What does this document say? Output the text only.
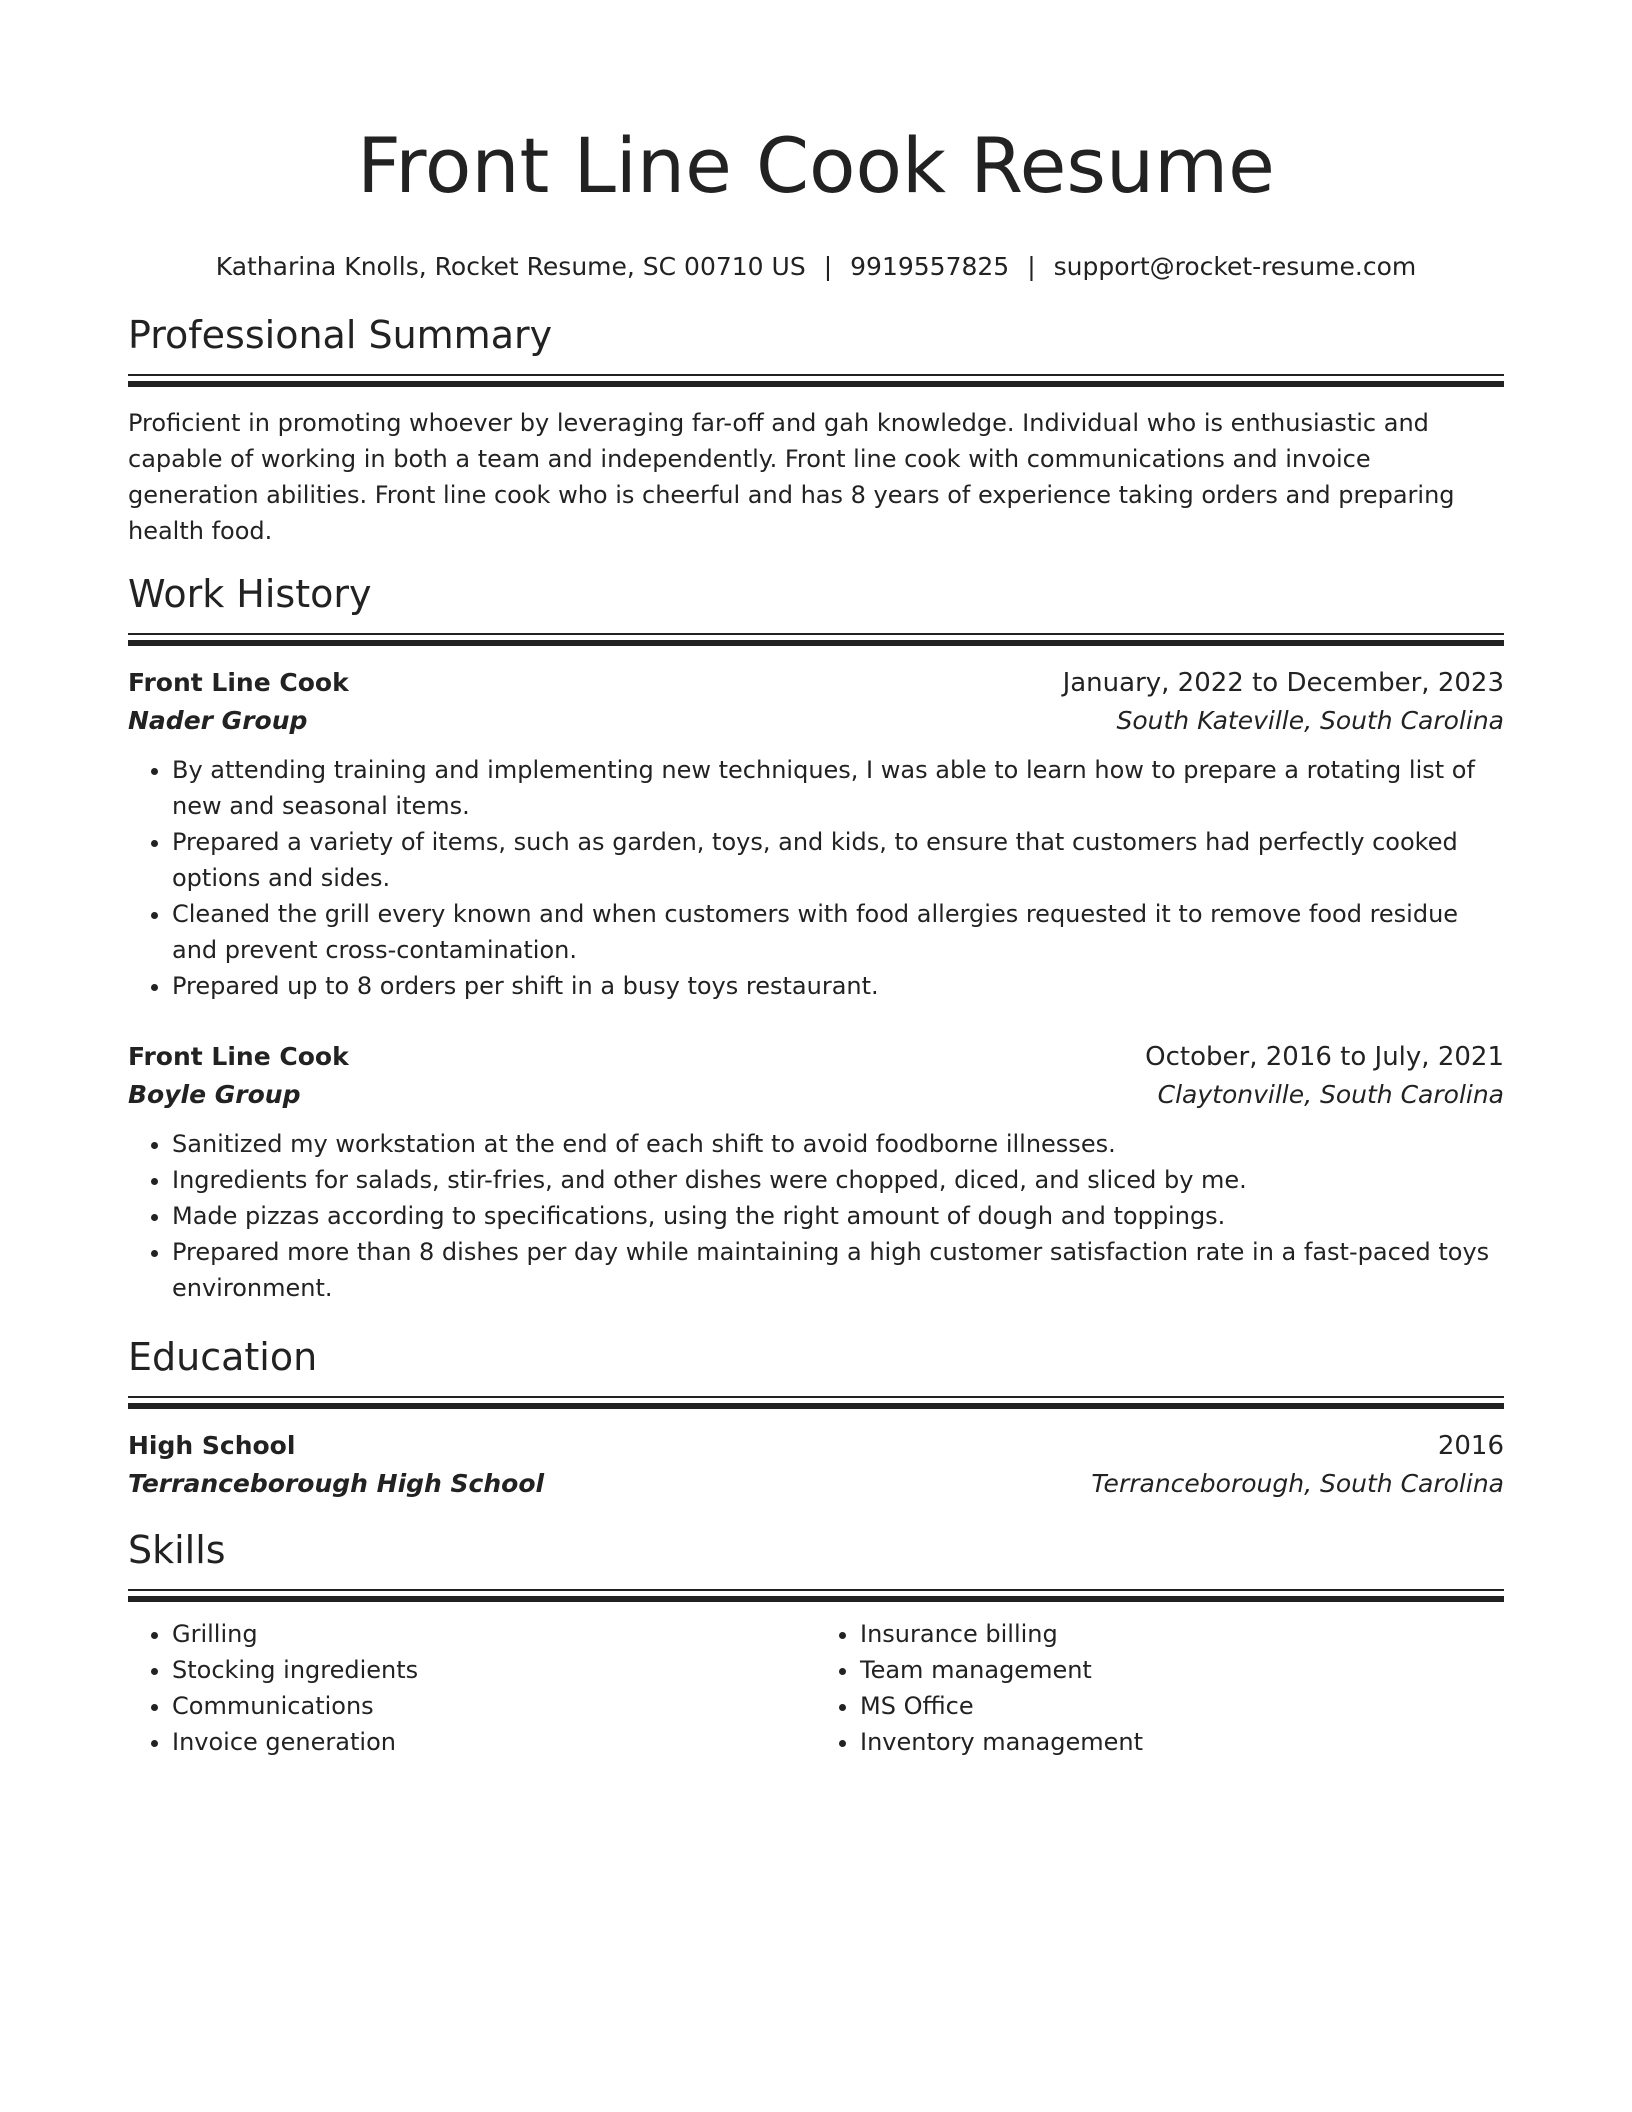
Front Line Cook Resume
Katharina Knolls, Rocket Resume, SC 00710 US | 9919557825 | support@rocket-resume.com
Professional Summary

Proficient in promoting whoever by leveraging far-off and gah knowledge. Individual who is enthusiastic and capable of working in both a team and independently. Front line cook with communications and invoice generation abilities. Front line cook who is cheerful and has 8 years of experience taking orders and preparing health food.

Work History
Front Line Cook	January, 2022 to December, 2023
Nader Group	South Kateville, South Carolina
• By attending training and implementing new techniques, I was able to learn how to prepare a rotating list of new and seasonal items.
• Prepared a variety of items, such as garden, toys, and kids, to ensure that customers had perfectly cooked options and sides.
• Cleaned the grill every known and when customers with food allergies requested it to remove food residue and prevent cross-contamination.
• Prepared up to 8 orders per shift in a busy toys restaurant.
Front Line Cook	October, 2016 to July, 2021
Boyle Group	Claytonville, South Carolina
• Sanitized my workstation at the end of each shift to avoid foodborne illnesses.
• Ingredients for salads, stir-fries, and other dishes were chopped, diced, and sliced by me.
• Made pizzas according to specifications, using the right amount of dough and toppings.
• Prepared more than 8 dishes per day while maintaining a high customer satisfaction rate in a fast-paced toys environment.
Education
High School	2016
Terranceborough High School	Terranceborough, South Carolina
Skills
• Grilling
• Stocking ingredients
• Communications
• Invoice generation
• Insurance billing
• Team management
• MS Office
• Inventory management
